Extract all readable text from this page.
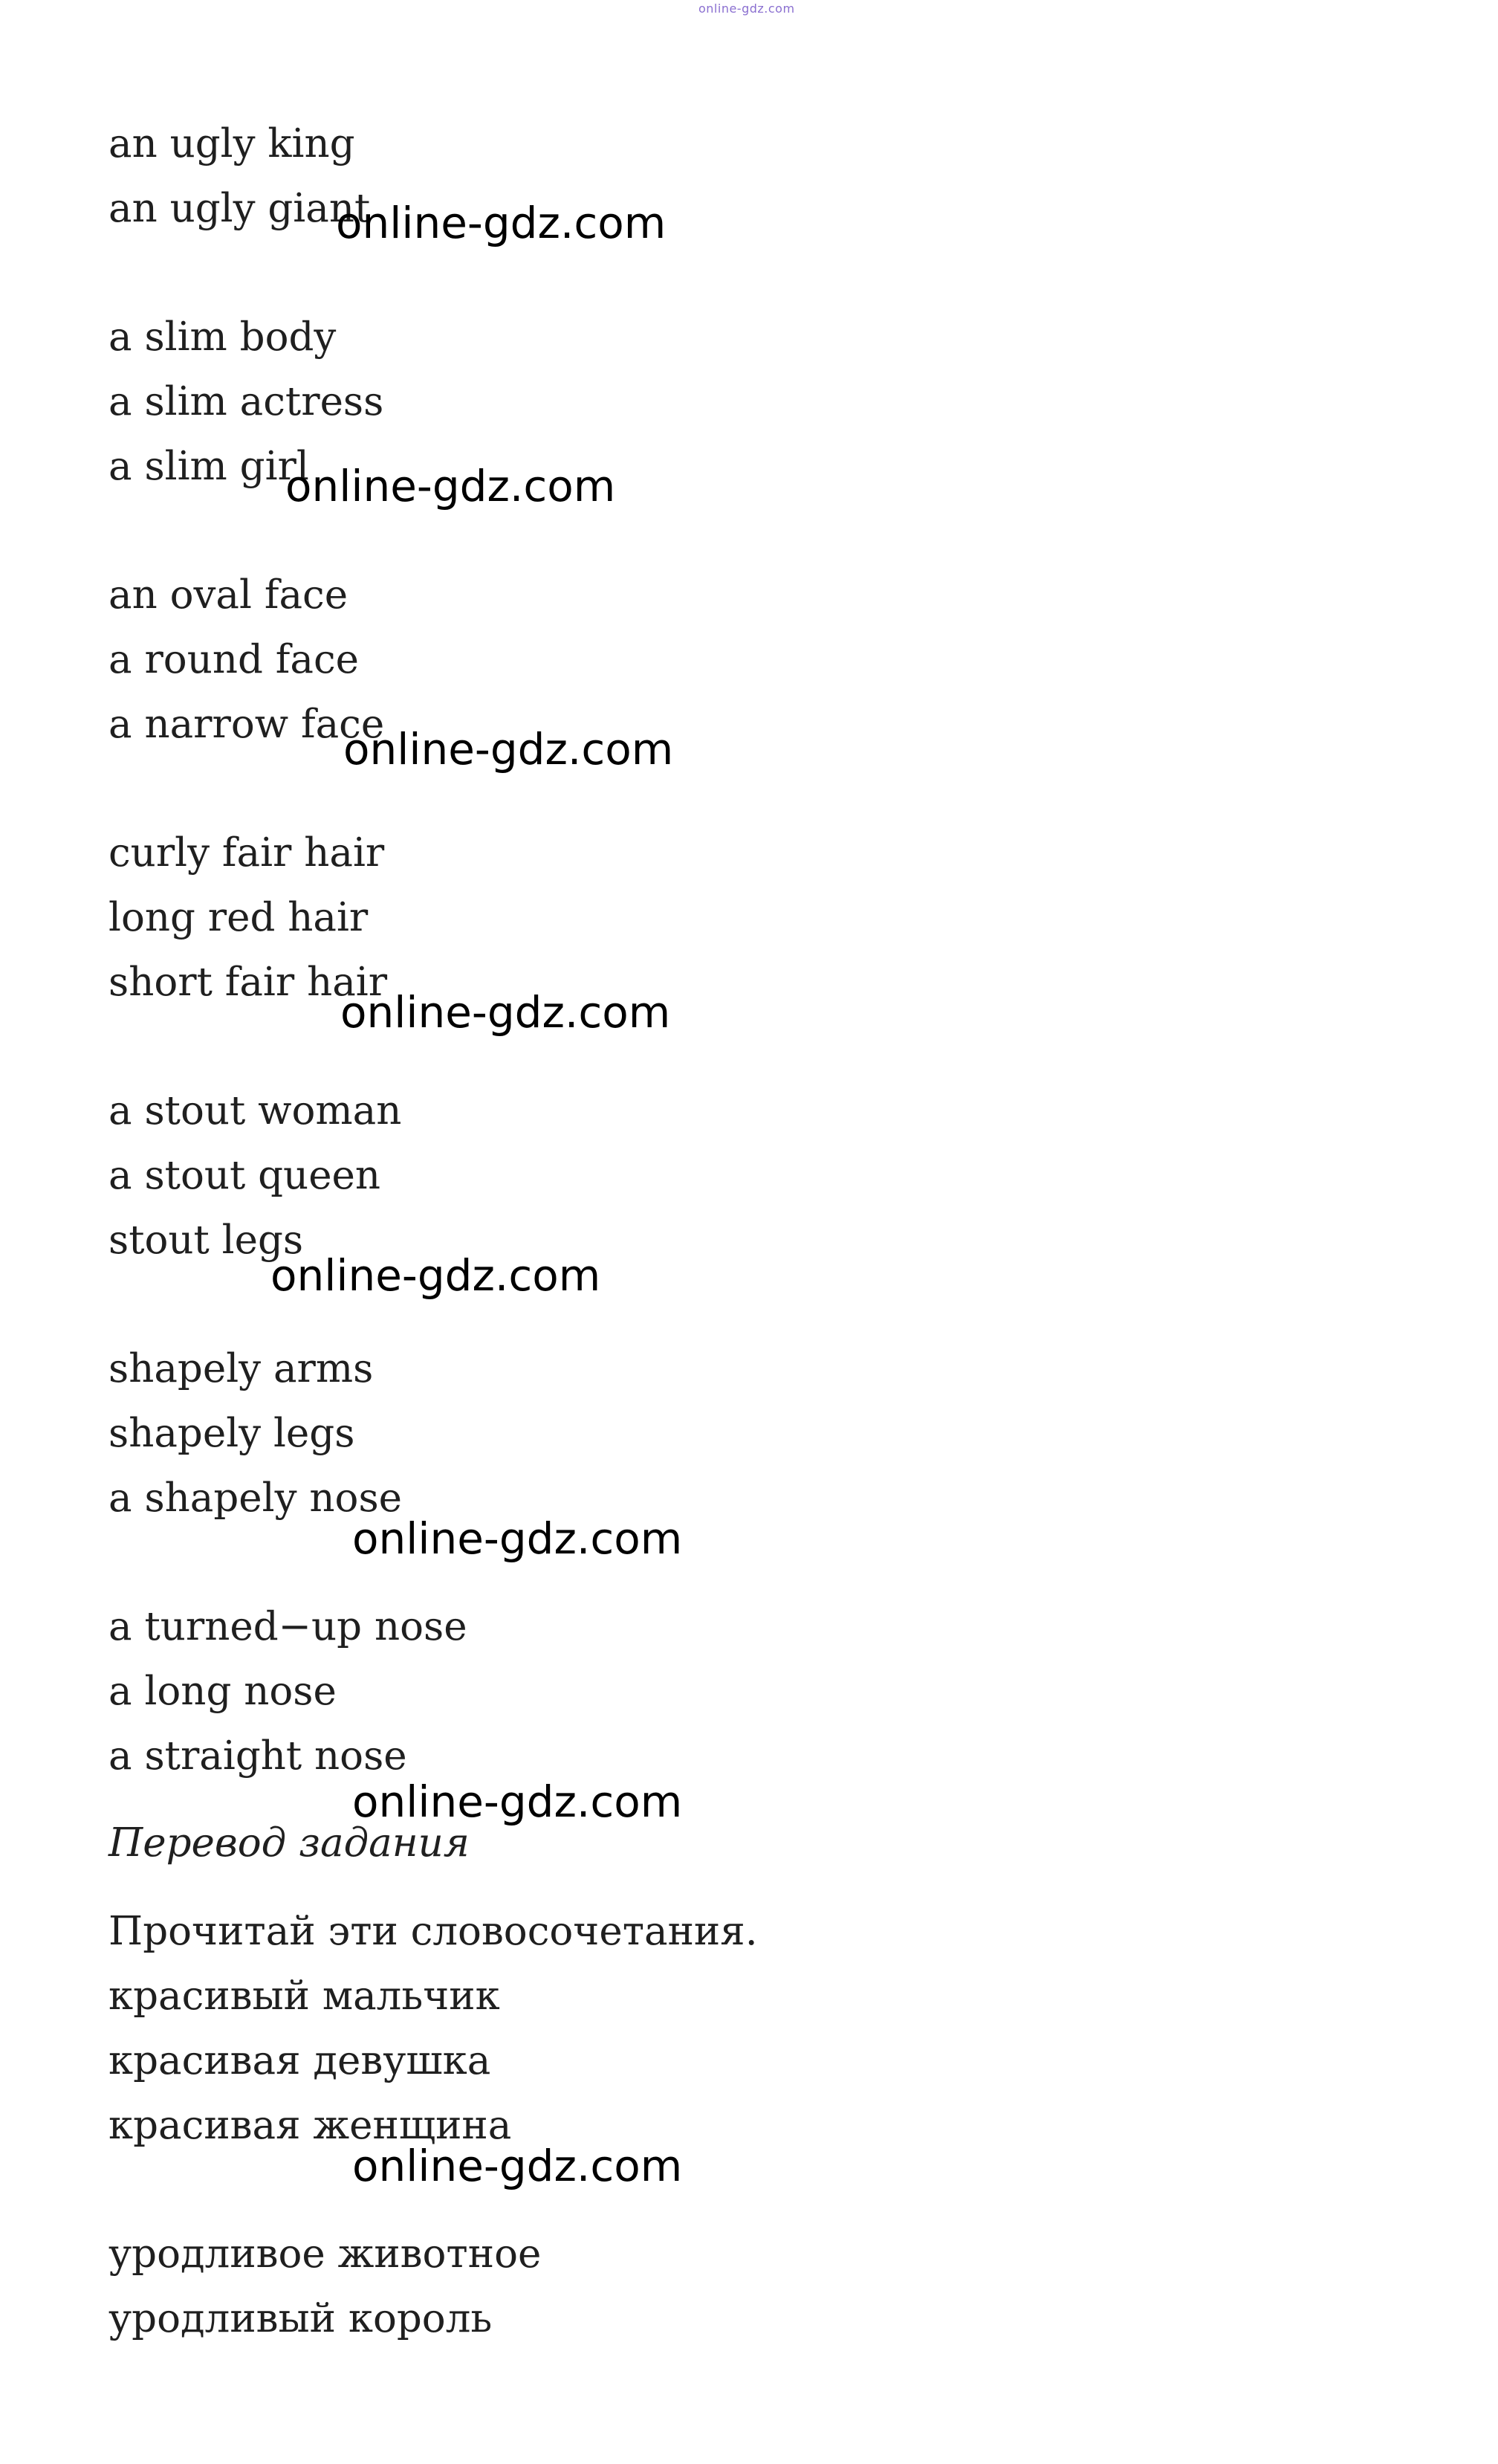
online-gdz.com
an ugly king
an ugly giant
a slim body
a slim actress
a slim girl
an oval face
a round face
a narrow face
curly fair hair
long red hair
short fair hair
a stout woman
a stout queen
stout legs
shapely arms
shapely legs
a shapely nose
a turned−up nose
a long nose
a straight nose
Перевод задания
Прочитай эти словосочетания.
красивый мальчик
красивая девушка
красивая женщина
уродливое животное
уродливый король
online-gdz.com
online-gdz.com
online-gdz.com
online-gdz.com
online-gdz.com
online-gdz.com
online-gdz.com
online-gdz.com
